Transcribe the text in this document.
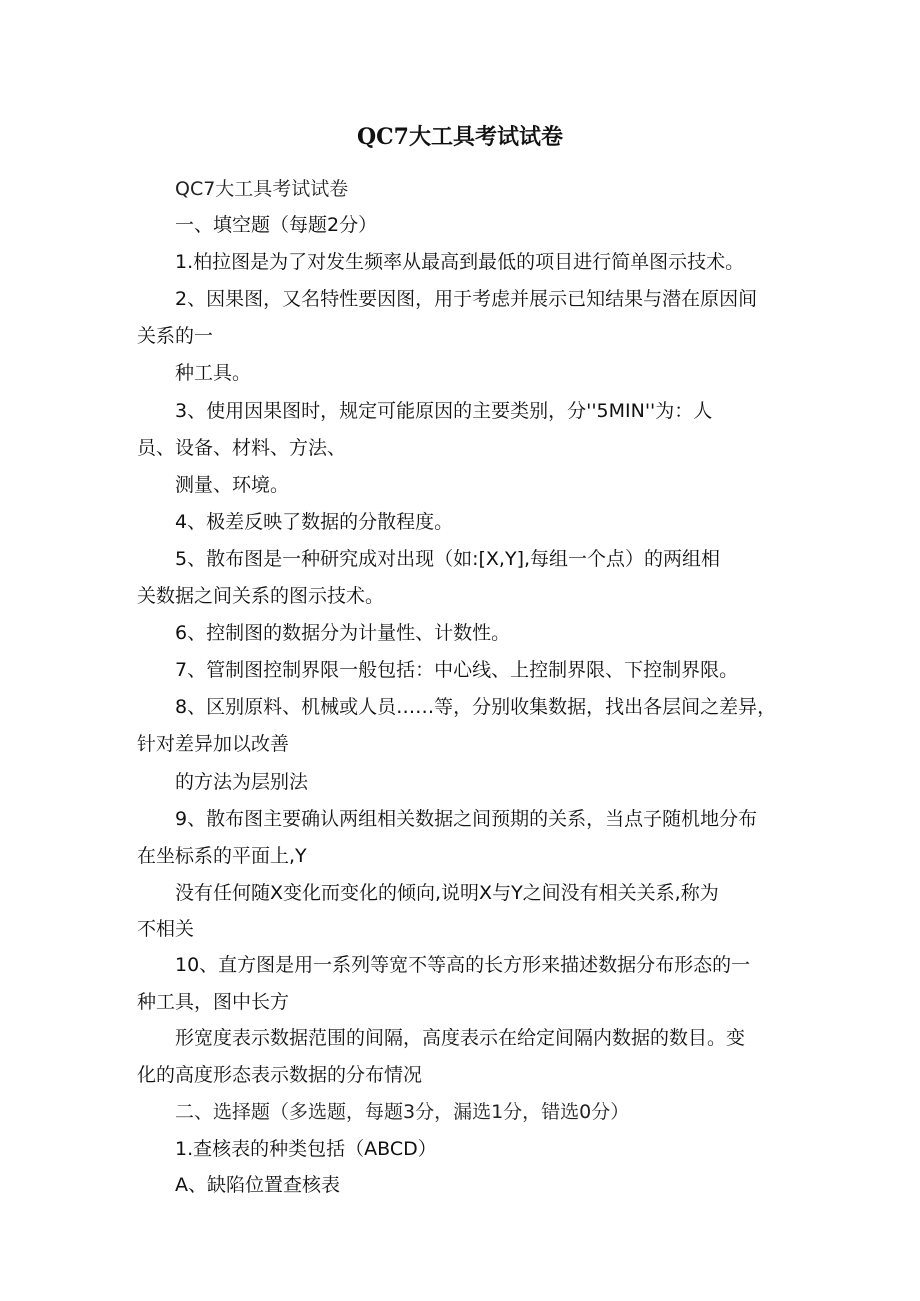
QC7大工具考试试卷
QC7大工具考试试卷
一、填空题（每题2分）
1.柏拉图是为了对发生频率从最高到最低的项目进行简单图示技术。
2、因果图，又名特性要因图，用于考虑并展示已知结果与潜在原因间
关系的一
种工具。
3、使用因果图时，规定可能原因的主要类别，分''5MIN''为：人
员、设备、材料、方法、
测量、环境。
4、极差反映了数据的分散程度。
5、散布图是一种研究成对出现（如:[X,Y],每组一个点）的两组相
关数据之间关系的图示技术。
6、控制图的数据分为计量性、计数性。
7、管制图控制界限一般包括：中心线、上控制界限、下控制界限。
8、区别原料、机械或人员……等，分别收集数据，找出各层间之差异，
针对差异加以改善
的方法为层别法
9、散布图主要确认两组相关数据之间预期的关系，当点子随机地分布
在坐标系的平面上,Y
没有任何随X变化而变化的倾向,说明X与Y之间没有相关关系,称为
不相关
10、直方图是用一系列等宽不等高的长方形来描述数据分布形态的一
种工具，图中长方
形宽度表示数据范围的间隔，高度表示在给定间隔内数据的数目。变
化的高度形态表示数据的分布情况
二、选择题（多选题，每题3分，漏选1分，错选0分）
1.查核表的种类包括（ABCD）
A、缺陷位置查核表
